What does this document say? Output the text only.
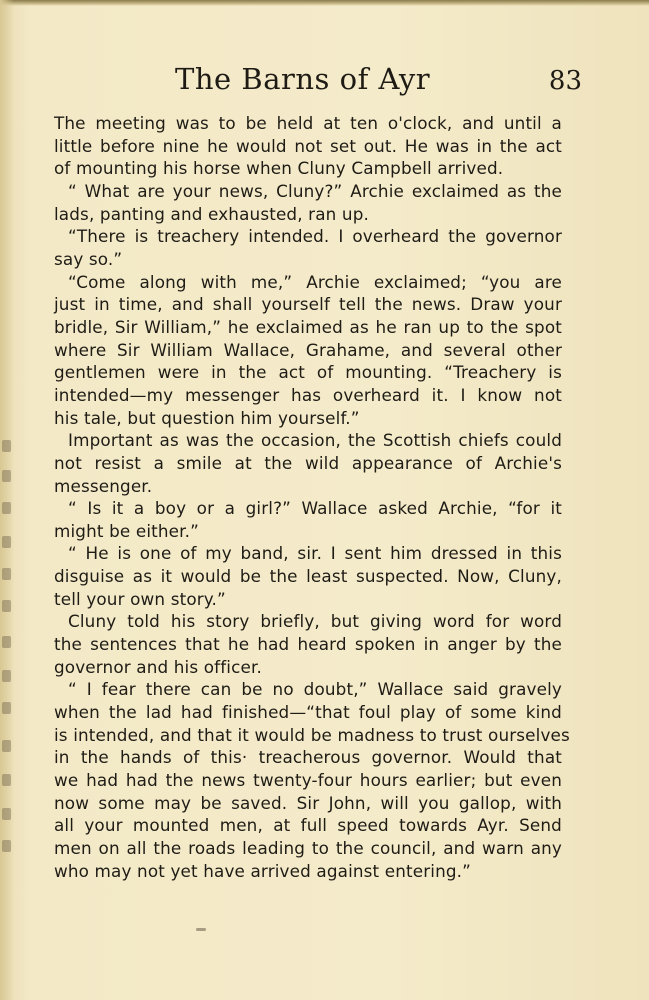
The Barns of Ayr	83
The meeting was to be held at ten o'clock, and until a
little before nine he would not set out. He was in the act
of mounting his horse when Cluny Campbell arrived.
“ What are your news, Cluny?” Archie exclaimed as the
lads, panting and exhausted, ran up.
“There is treachery intended. I overheard the governor
say so.”
“Come along with me,” Archie exclaimed; “you are
just in time, and shall yourself tell the news. Draw your
bridle, Sir William,” he exclaimed as he ran up to the spot
where Sir William Wallace, Grahame, and several other
gentlemen were in the act of mounting. “Treachery is
intended—my messenger has overheard it. I know not
his tale, but question him yourself.”
Important as was the occasion, the Scottish chiefs could
not resist a smile at the wild appearance of Archie's
messenger.
“ Is it a boy or a girl?” Wallace asked Archie, “for it
might be either.”
“ He is one of my band, sir. I sent him dressed in this
disguise as it would be the least suspected. Now, Cluny,
tell your own story.”
Cluny told his story briefly, but giving word for word
the sentences that he had heard spoken in anger by the
governor and his officer.
“ I fear there can be no doubt,” Wallace said gravely
when the lad had finished—“that foul play of some kind
is intended, and that it would be madness to trust ourselves
in the hands of this· treacherous governor. Would that
we had had the news twenty-four hours earlier; but even
now some may be saved. Sir John, will you gallop, with
all your mounted men, at full speed towards Ayr. Send
men on all the roads leading to the council, and warn any
who may not yet have arrived against entering.”
